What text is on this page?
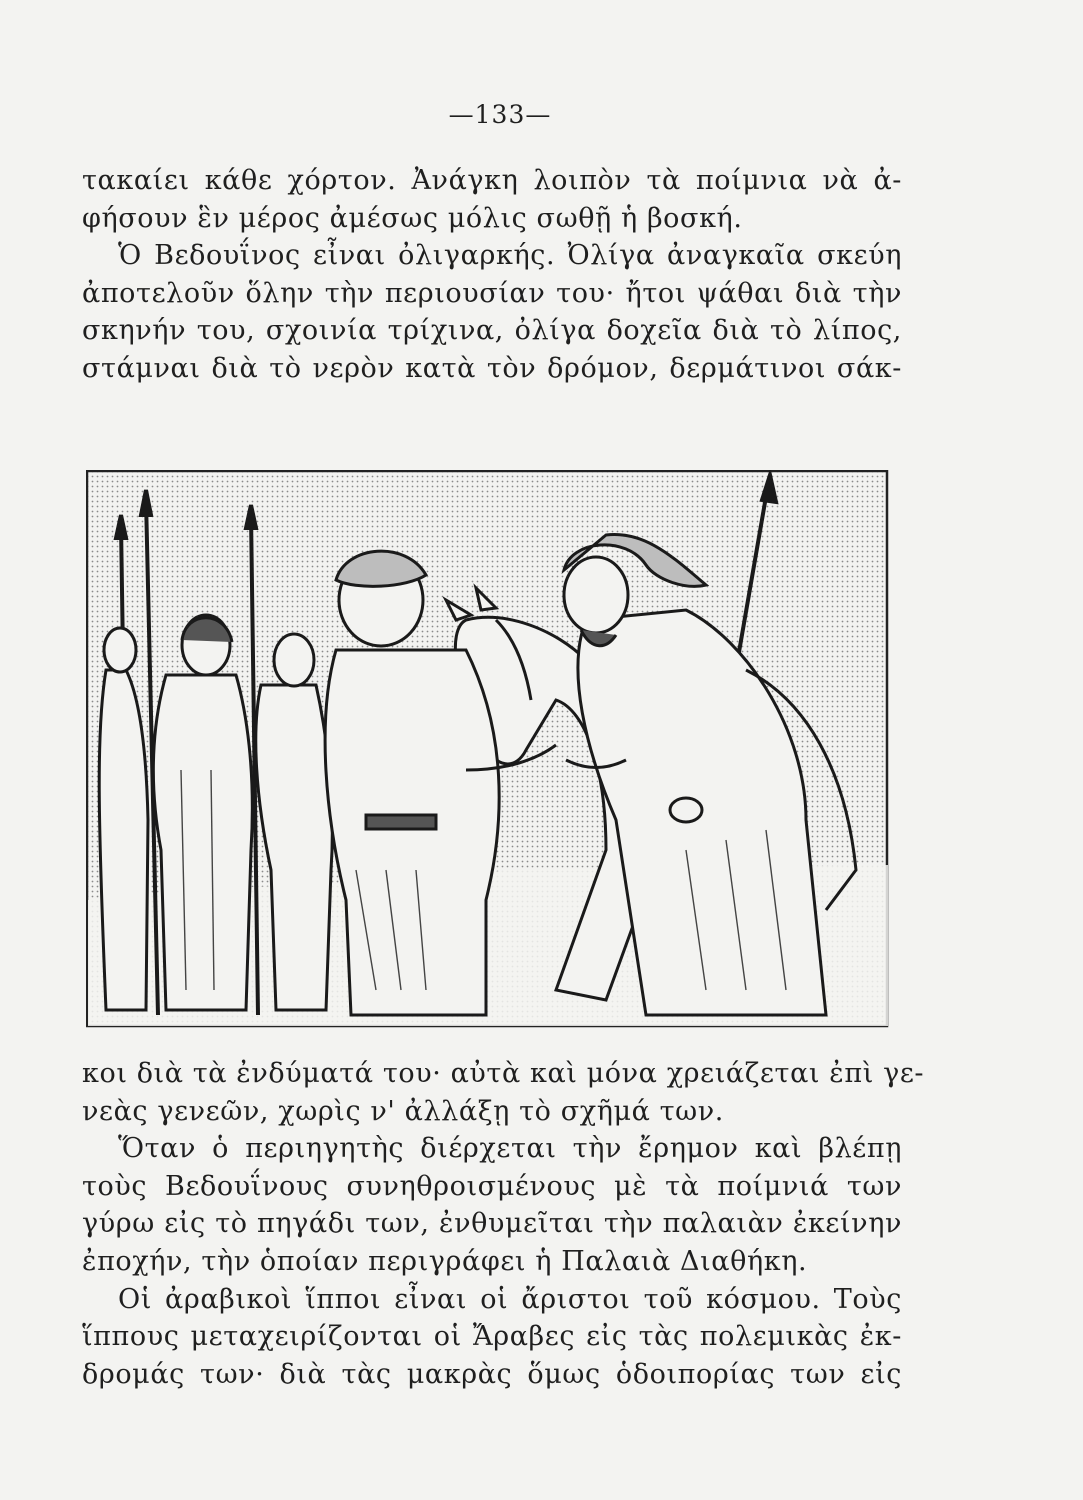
—133—
τακαίει κάθε χόρτον. Ἀνάγκη λοιπὸν τὰ ποίμνια νὰ ἀ-
φήσουν ἓν μέρος ἀμέσως μόλις σωθῇ ἡ βοσκή.
Ὁ Βεδουΐνος εἶναι ὀλιγαρκής. Ὀλίγα ἀναγκαῖα σκεύη
ἀποτελοῦν ὅλην τὴν περιουσίαν του· ἤτοι ψάθαι διὰ τὴν
σκηνήν του, σχοινία τρίχινα, ὀλίγα δοχεῖα διὰ τὸ λίπος,
στάμναι διὰ τὸ νερὸν κατὰ τὸν δρόμον, δερμάτινοι σάκ-
κοι διὰ τὰ ἐνδύματά του· αὐτὰ καὶ μόνα χρειάζεται ἐπὶ γε-
νεὰς γενεῶν, χωρὶς ν' ἀλλάξῃ τὸ σχῆμά των.
Ὅταν ὁ περιηγητὴς διέρχεται τὴν ἔρημον καὶ βλέπῃ
τοὺς Βεδουΐνους συνηθροισμένους μὲ τὰ ποίμνιά των
γύρω εἰς τὸ πηγάδι των, ἐνθυμεῖται τὴν παλαιὰν ἐκείνην
ἐποχήν, τὴν ὁποίαν περιγράφει ἡ Παλαιὰ Διαθήκη.
Οἱ ἀραβικοὶ ἵπποι εἶναι οἱ ἄριστοι τοῦ κόσμου. Τοὺς
ἵππους μεταχειρίζονται οἱ Ἄραβες εἰς τὰς πολεμικὰς ἐκ-
δρομάς των· διὰ τὰς μακρὰς ὅμως ὁδοιπορίας των εἰς
